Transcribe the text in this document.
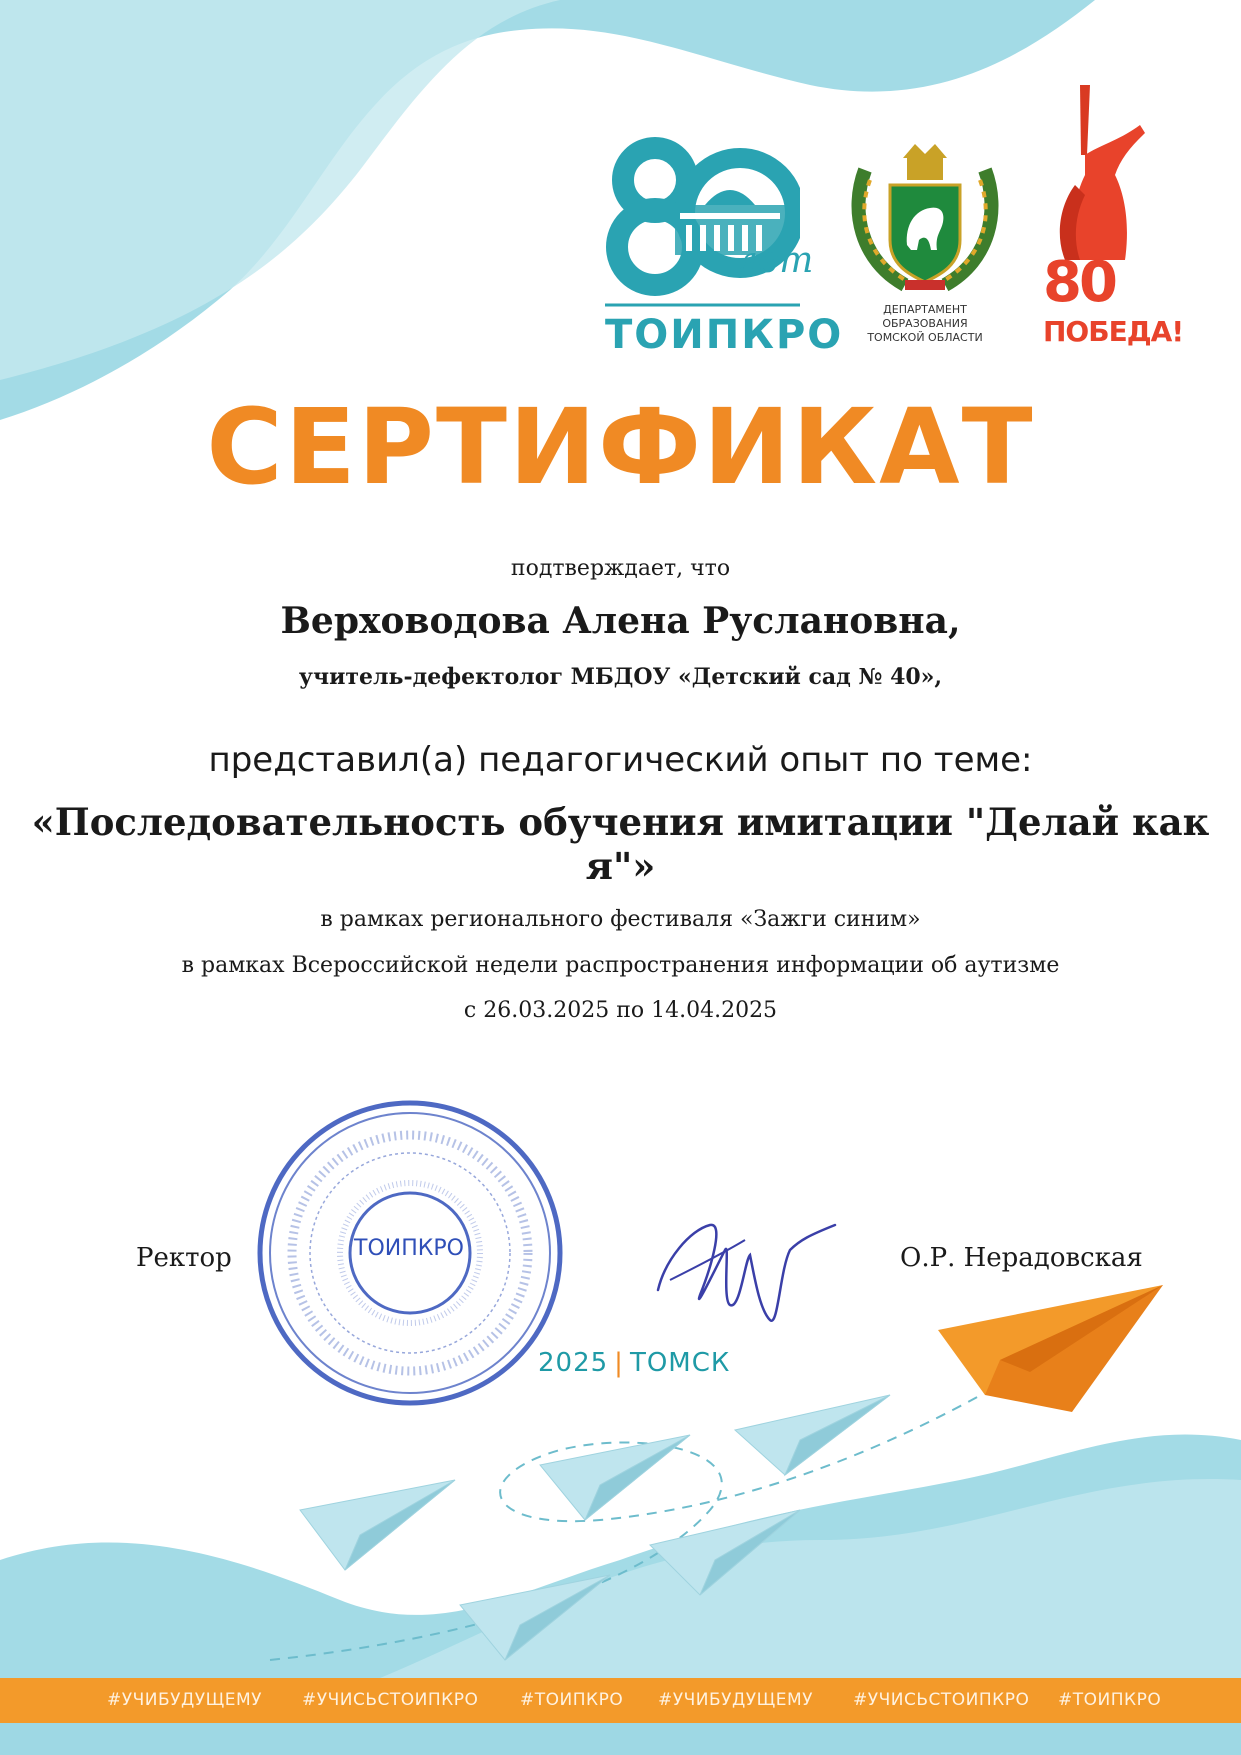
лет
ТОИПКРО
ДЕПАРТАМЕНТ
ОБРАЗОВАНИЯ
ТОМСКОЙ ОБЛАСТИ
80
ПОБЕДА!
СЕРТИФИКАТ
подтверждает, что
Верховодова Алена Руслановна,
учитель-дефектолог МБДОУ «Детский сад № 40»,
представил(а) педагогический опыт по теме:
«Последовательность обучения имитации "Делай как я"»
в рамках регионального фестиваля «Зажги синим»
в рамках Всероссийской недели распространения информации об аутизме
с 26.03.2025 по 14.04.2025
ТОИПКРО
Ректор	О.Р. Нерадовская
2025 | ТОМСК
#УЧИБУДУЩЕМУ #УЧИСЬСТОИПКРО #ТОИПКРО #УЧИБУДУЩЕМУ #УЧИСЬСТОИПКРО #ТОИПКРО
